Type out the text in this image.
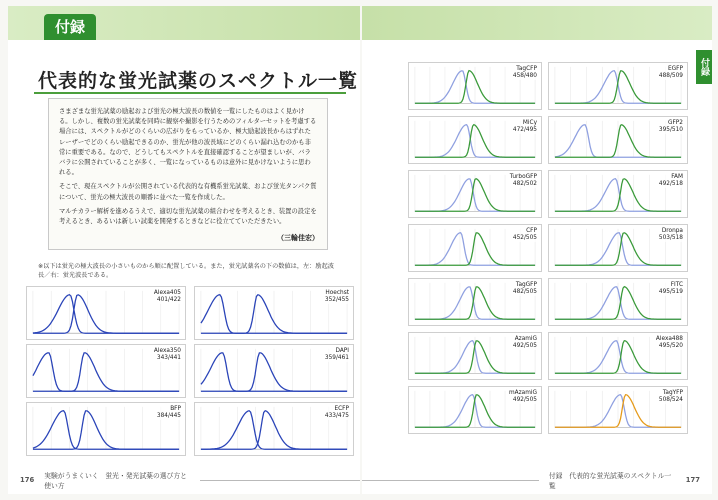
付録
代表的な蛍光試薬のスペクトル一覧

さまざまな蛍光試薬の励起および蛍光の極大波長の数値を一覧にしたものはよく見かける。しかし、複数の蛍光試薬を同時に観察や撮影を行うためのフィルターセットを考慮する場合には、スペクトルがどのくらいの広がりをもっているか、極大励起波長からはずれたレーザーでどのくらい励起できるのか、蛍光が他の波長域にどのくらい漏れ込むのかも非常に重要である。なので、どうしてもスペクトルを直接確認することが望ましいが、バラバラに公開されていることが多く、一覧になっているものは意外に見かけないように思われる。

そこで、現在スペクトルが公開されている代表的な有機系蛍光試薬、および蛍光タンパク質について、蛍光の極大波長の順番に並べた一覧を作成した。

マルチカラー解析を進めるうえで、適切な蛍光試薬の組合わせを考えるとき、装置の設定を考えるとき、あるいは新しい試薬を開発するときなどに役立てていただきたい。

（三輪佳宏）
※以下は蛍光の極大波長の小さいものから順に配置している。また，蛍光試薬名の下の数値は，左：励起波長／右：蛍光波長である。
Alexa405
401/422
Hoechst
352/455
Alexa350
343/441
DAPI
359/461
BFP
384/445
ECFP
433/475
176 実験がうまくいく　蛍光・発光試薬の選び方と使い方
付録
TagCFP
458/480
EGFP
488/509
MiCy
472/495
GFP2
395/510
TurboGFP
482/502
FAM
492/518
CFP
452/505
Dronpa
503/518
TagGFP
482/505
FITC
495/519
AzamiG
492/505
Alexa488
495/520
mAzamiG
492/505
TagYFP
508/524
付録　代表的な蛍光試薬のスペクトル一覧
177
